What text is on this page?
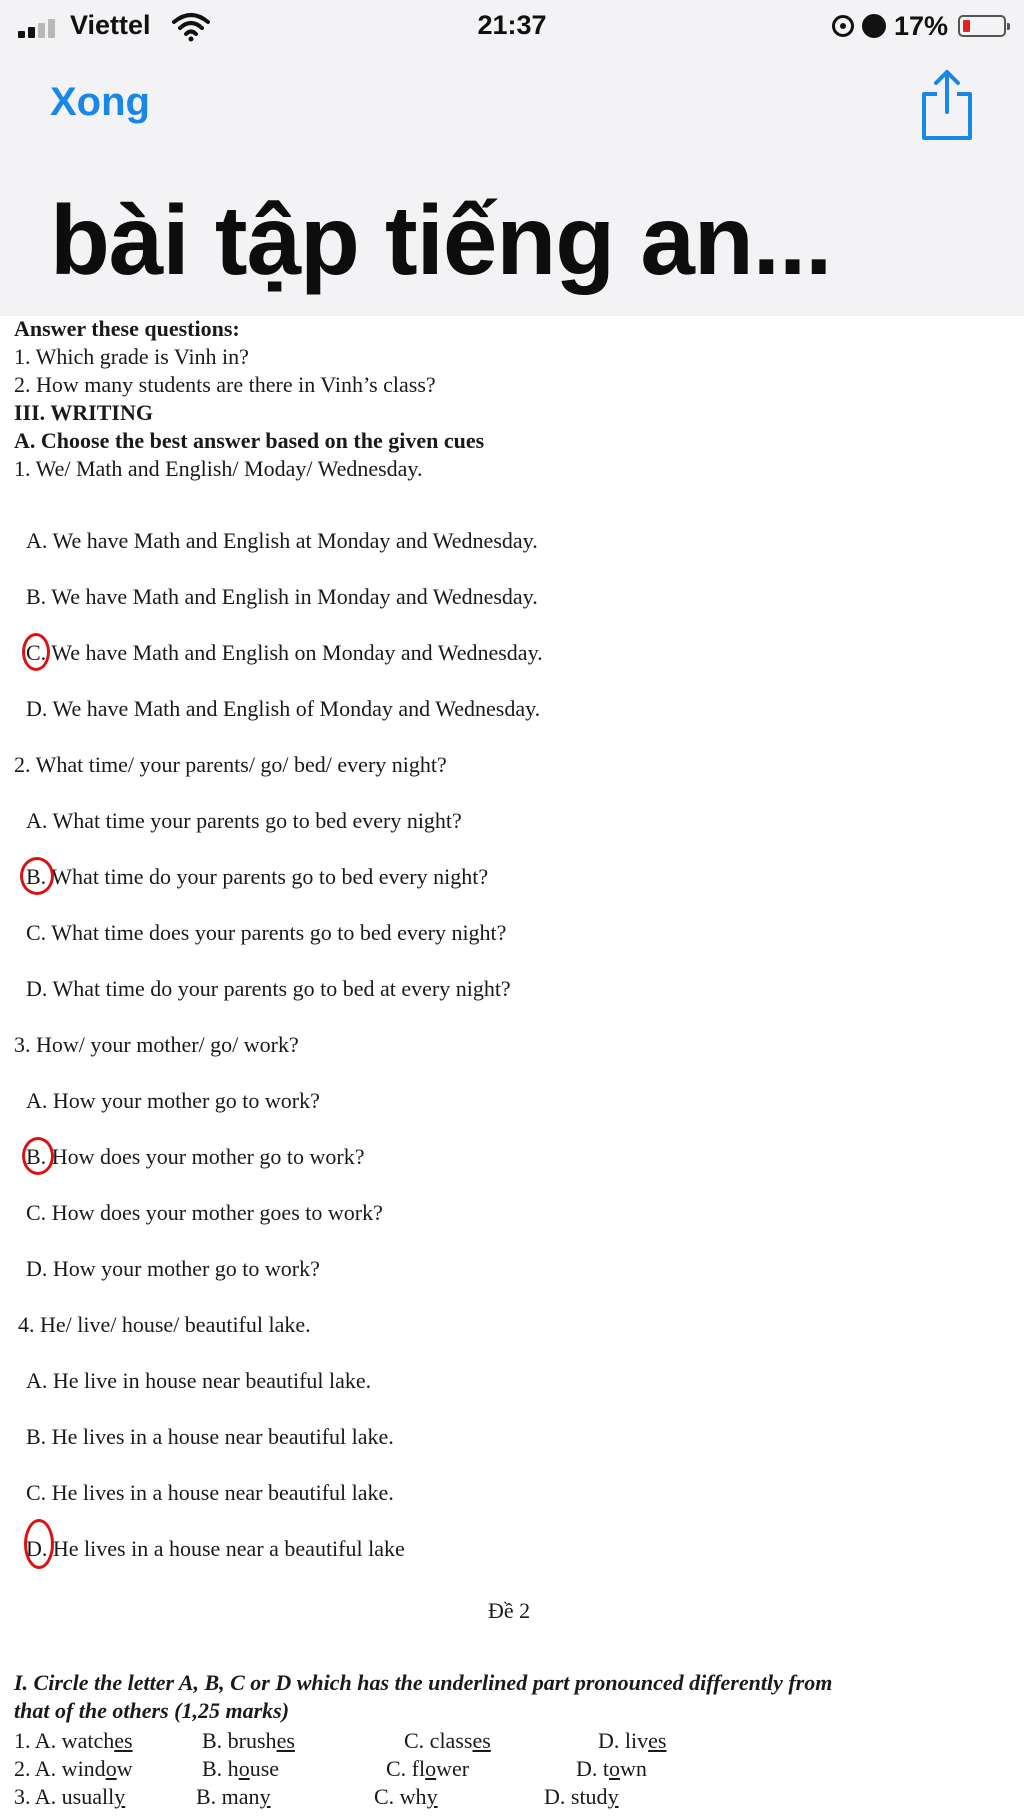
Viettel	21:37	17%
Xong
bài tập tiếng an...
Answer these questions:
1. Which grade is Vinh in?
2. How many students are there in Vinh’s class?
III. WRITING
A. Choose the best answer based on the given cues
1. We/ Math and English/ Moday/ Wednesday.
A. We have Math and English at Monday and Wednesday.
B. We have Math and English in Monday and Wednesday.
C. We have Math and English on Monday and Wednesday.
D. We have Math and English of Monday and Wednesday.
2. What time/ your parents/ go/ bed/ every night?
A. What time your parents go to bed every night?
B. What time do your parents go to bed every night?
C. What time does your parents go to bed every night?
D. What time do your parents go to bed at every night?
3. How/ your mother/ go/ work?
A. How your mother go to work?
B. How does your mother go to work?
C. How does your mother goes to work?
D. How your mother go to work?
4. He/ live/ house/ beautiful lake.
A. He live in house near beautiful lake.
B. He lives in a house near beautiful lake.
C. He lives in a house near beautiful lake.
D. He lives in a house near a beautiful lake
Đề 2
I. Circle the letter A, B, C or D which has the underlined part pronounced differently from
that of the others (1,25 marks)
1. A. watches	B. brushes	C. classes	D. lives
2. A. window	B. house	C. flower	D. town
3. A. usually	B. many	C. why	D. study
